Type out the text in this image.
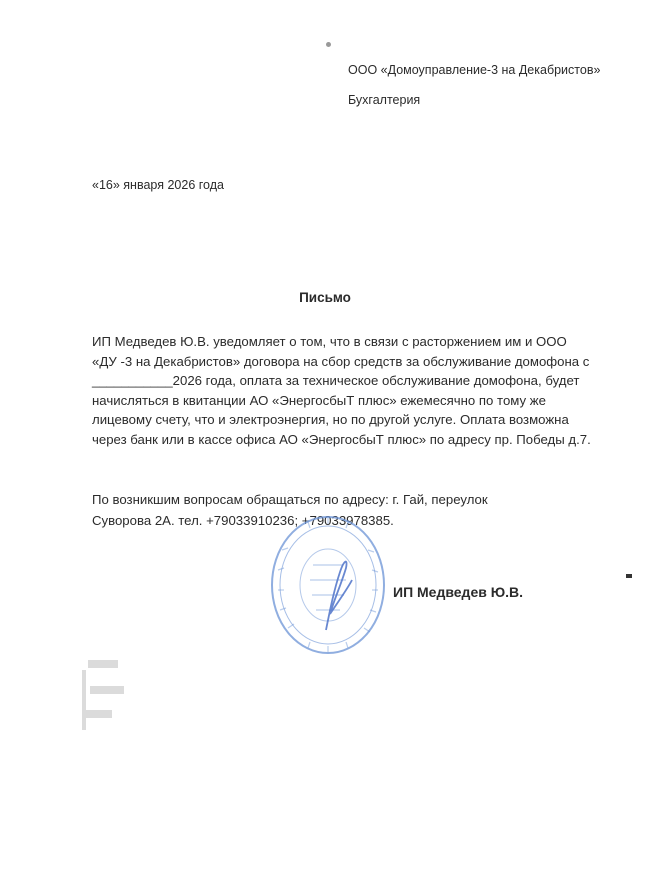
ООО «Домоуправление-3 на Декабристов»
Бухгалтерия
«16» января 2026 года
Письмо

ИП Медведев Ю.В. уведомляет о том, что в связи с расторжением им и ООО «ДУ -3 на Декабристов» договора на сбор средств за обслуживание домофона с ___________2026 года, оплата за техническое обслуживание домофона, будет начисляться в квитанции АО «ЭнергосбыТ плюс» ежемесячно по тому же лицевому счету, что и электроэнергия, но по другой услуге. Оплата возможна через банк или в кассе офиса АО «ЭнергосбыТ плюс» по адресу пр. Победы д.7.

По возникшим вопросам обращаться по адресу: г. Гай, переулок Суворова 2А. тел. +79033910236; +79033978385.

ИП Медведев Ю.В.
